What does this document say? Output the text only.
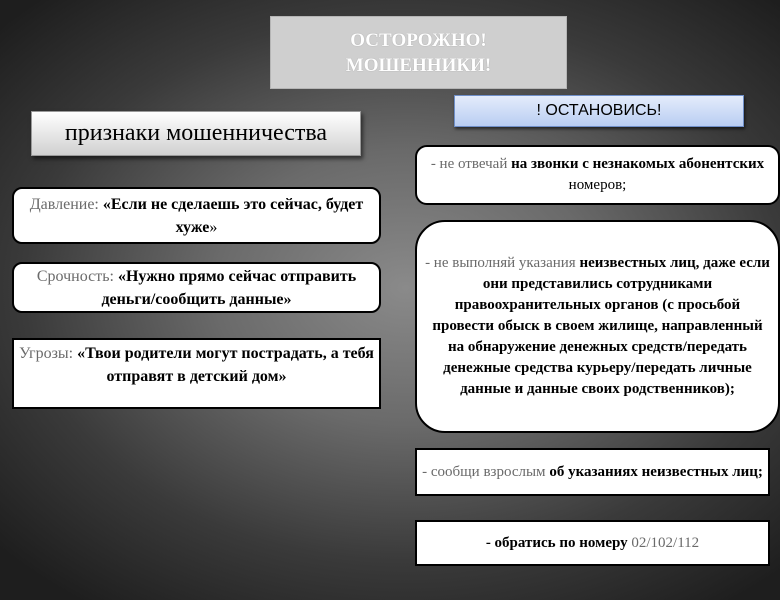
ОСТОРОЖНО!
МОШЕННИКИ!
! ОСТАНОВИСЬ!
признаки мошенничества
Давление: «Если не сделаешь это сейчас, будет хуже»
Срочность: «Нужно прямо сейчас отправить деньги/сообщить данные»
Угрозы: «Твои родители могут пострадать, а тебя отправят в детский дом»
- не отвечай на звонки с незнакомых абонентских номеров;
- не выполняй указания неизвестных лиц, даже если они представились сотрудниками правоохранительных органов (с просьбой провести обыск в своем жилище, направленный на обнаружение денежных средств/передать денежные средства курьеру/передать личные данные и данные своих родственников);
- сообщи взрослым об указаниях неизвестных лиц;
- обратись по номеру 02/102/112
